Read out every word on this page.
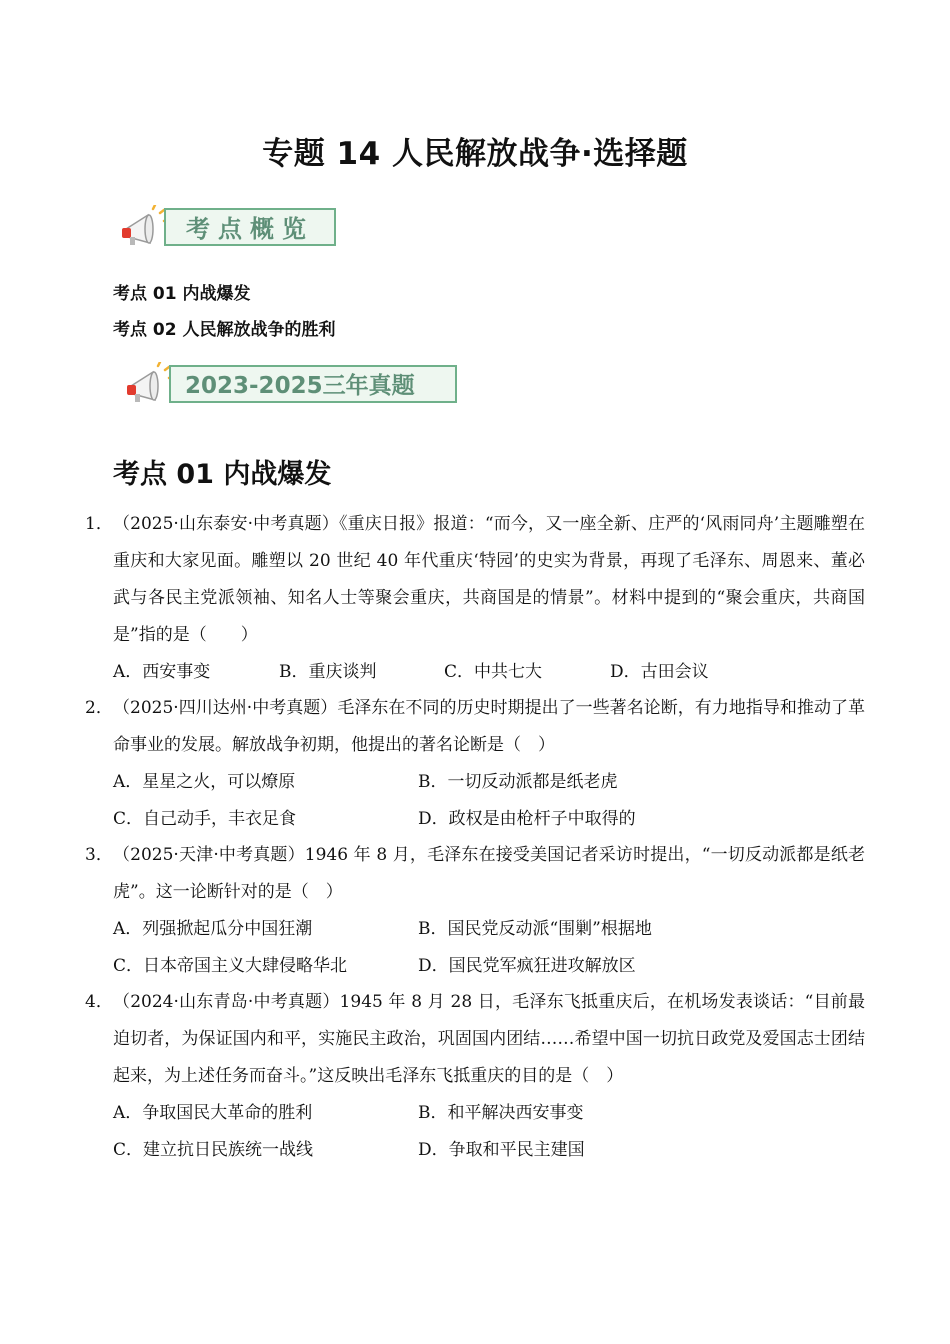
专题 14 人民解放战争·选择题
考点概览
考点 01 内战爆发
考点 02 人民解放战争的胜利
2023-2025三年真题
考点 01 内战爆发
1． （2025·山东泰安·中考真题）《重庆日报》报道：“而今，又一座全新、庄严的‘风雨同舟’主题雕塑在重庆和大家见面。雕塑以 20 世纪 40 年代重庆‘特园’的史实为背景，再现了毛泽东、周恩来、董必武与各民主党派领袖、知名人士等聚会重庆，共商国是的情景”。材料中提到的“聚会重庆，共商国是”指的是（　　）
A．西安事变	B．重庆谈判	C．中共七大	D．古田会议
2． （2025·四川达州·中考真题）毛泽东在不同的历史时期提出了一些著名论断，有力地指导和推动了革命事业的发展。解放战争初期，他提出的著名论断是（　）
A．星星之火，可以燎原	B．一切反动派都是纸老虎
C．自己动手，丰衣足食	D．政权是由枪杆子中取得的
3． （2025·天津·中考真题）1946 年 8 月，毛泽东在接受美国记者采访时提出，“一切反动派都是纸老虎”。这一论断针对的是（　）
A．列强掀起瓜分中国狂潮	B．国民党反动派“围剿”根据地
C．日本帝国主义大肆侵略华北	D．国民党军疯狂进攻解放区
4． （2024·山东青岛·中考真题）1945 年 8 月 28 日，毛泽东飞抵重庆后，在机场发表谈话：“目前最迫切者，为保证国内和平，实施民主政治，巩固国内团结……希望中国一切抗日政党及爱国志士团结起来，为上述任务而奋斗。”这反映出毛泽东飞抵重庆的目的是（　）
A．争取国民大革命的胜利	B．和平解决西安事变
C．建立抗日民族统一战线	D．争取和平民主建国
